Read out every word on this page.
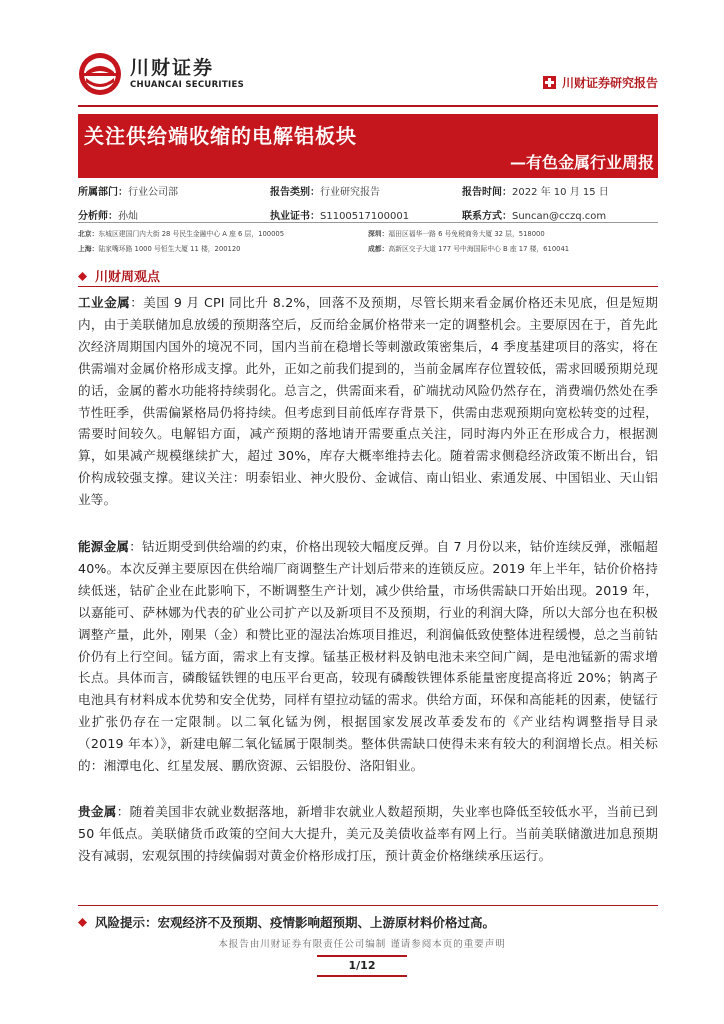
川财证券
CHUANCAI SECURITIES	川财证券研究报告
关注供给端收缩的电解铝板块
—有色金属行业周报
所属部门：行业公司部	报告类别：行业研究报告	报告时间：2022 年 10 月 15 日
分析师：孙灿	执业证书：S1100517100001	联系方式：Suncan@cczq.com
北京：东城区建国门内大街 28 号民生金融中心 A 座 6 层，100005	深圳：福田区福华一路 6 号免税商务大厦 32 层，518000
上海：陆家嘴环路 1000 号恒生大厦 11 楼，200120	成都：高新区交子大道 177 号中海国际中心 B 座 17 楼，610041
川财周观点
工业金属：美国 9 月 CPI 同比升 8.2%，回落不及预期，尽管长期来看金属价格还未见底，但是短期内，由于美联储加息放缓的预期落空后，反而给金属价格带来一定的调整机会。主要原因在于，首先此次经济周期国内国外的境况不同，国内当前在稳增长等刺激政策密集后，4 季度基建项目的落实，将在供需端对金属价格形成支撑。此外，正如之前我们提到的，当前金属库存位置较低，需求回暖预期兑现的话，金属的蓄水功能将持续弱化。总言之，供需面来看，矿端扰动风险仍然存在，消费端仍然处在季节性旺季，供需偏紧格局仍将持续。但考虑到目前低库存背景下，供需由悲观预期向宽松转变的过程，需要时间较久。电解铝方面，减产预期的落地请开需要重点关注，同时海内外正在形成合力，根据测算，如果减产规模继续扩大，超过 30%，库存大概率维持去化。随着需求侧稳经济政策不断出台，铝价构成较强支撑。建议关注：明泰铝业、神火股份、金诚信、南山铝业、索通发展、中国铝业、天山铝业等。
能源金属：钴近期受到供给端的约束，价格出现较大幅度反弹。自 7 月份以来，钴价连续反弹，涨幅超 40%。本次反弹主要原因在供给端厂商调整生产计划后带来的连锁反应。2019 年上半年，钴价价格持续低迷，钴矿企业在此影响下，不断调整生产计划，减少供给量，市场供需缺口开始出现。2019 年，以嘉能可、萨林娜为代表的矿业公司扩产以及新项目不及预期，行业的利润大降，所以大部分也在积极调整产量，此外，刚果（金）和赞比亚的湿法冶炼项目推迟，利润偏低致使整体进程缓慢，总之当前钴价仍有上行空间。锰方面，需求上有支撑。锰基正极材料及钠电池未来空间广阔，是电池锰新的需求增长点。具体而言，磷酸锰铁锂的电压平台更高，较现有磷酸铁锂体系能量密度提高将近 20%；钠离子电池具有材料成本优势和安全优势，同样有望拉动锰的需求。供给方面，环保和高能耗的因素，使锰行业扩张仍存在一定限制。以二氧化锰为例，根据国家发展改革委发布的《产业结构调整指导目录（2019 年本）》，新建电解二氧化锰属于限制类。整体供需缺口使得未来有较大的利润增长点。相关标的：湘潭电化、红星发展、鹏欣资源、云铝股份、洛阳钼业。
贵金属：随着美国非农就业数据落地，新增非农就业人数超预期，失业率也降低至较低水平，当前已到 50 年低点。美联储货币政策的空间大大提升，美元及美债收益率有网上行。当前美联储激进加息预期没有减弱，宏观氛围的持续偏弱对黄金价格形成打压，预计黄金价格继续承压运行。
风险提示：宏观经济不及预期、疫情影响超预期、上游原材料价格过高。
本报告由川财证券有限责任公司编制 谨请参阅本页的重要声明
1/12
